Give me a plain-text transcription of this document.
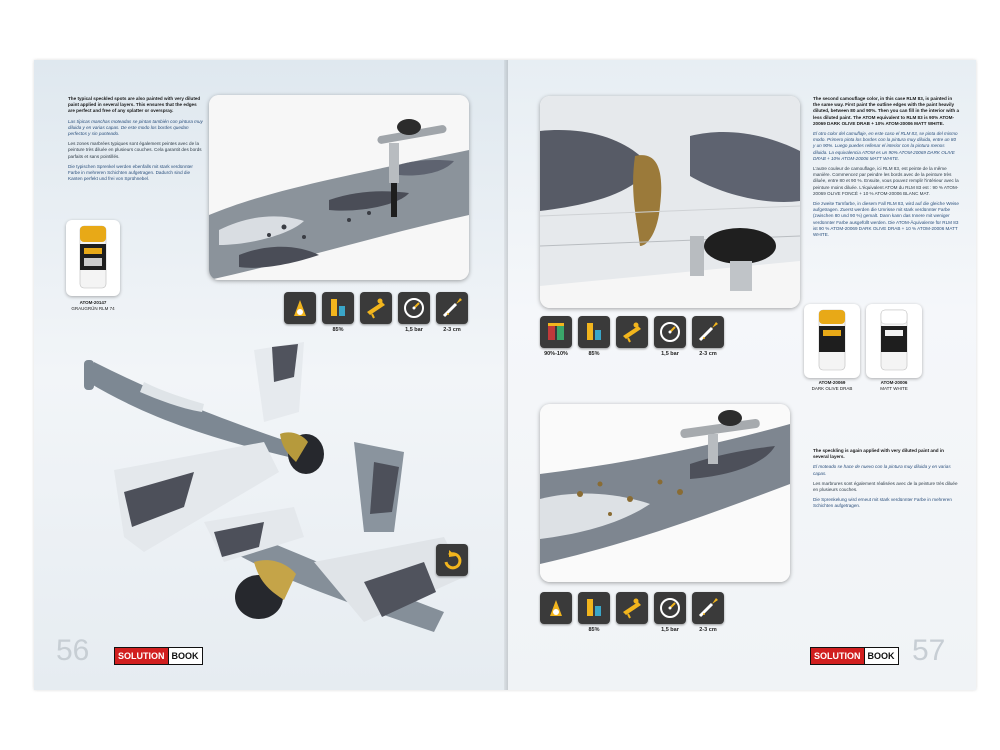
The typical speckled spots are also painted with very diluted paint applied in several layers. This ensures that the edges are perfect and free of any splatter or overspray.

Las típicas manchas moteadas se pintan también con pintura muy diluida y en varias capas. De este modo los bordes quedan perfectos y sin punteado.

Les zones marbrées typiques sont également peintes avec de la peinture très diluée en plusieurs couches. Cela garantit des bords parfaits et sans pointillés.

Die typischen Sprenkel werden ebenfalls mit stark verdünnter Farbe in mehreren Schichten aufgetragen. Dadurch sind die Kanten perfekt und frei von Sprühnebel.

ATOM-20147
GRAUGRÜN RLM 74
85%	1,5 bar	2-3 cm
56	SOLUTION BOOK

The second camouflage color, in this case RLM 83, is painted in the same way. First paint the outline edges with the paint heavily diluted, between 80 and 90%. Then you can fill in the interior with a less diluted paint. The ATOM equivalent to RLM 83 is 90% ATOM-20069 DARK OLIVE DRAB + 10% ATOM-20006 MATT WHITE.

El otro color del camuflaje, en este caso el RLM 83, se pinta del mismo modo. Primero pinta los bordes con la pintura muy diluida, entre un 80 y un 90%. Luego puedes rellenar el interior con la pintura menos diluida. La equivalencia ATOM es un 90% ATOM-20069 DARK OLIVE DRAB + 10% ATOM-20006 MATT WHITE.

L'autre couleur de camouflage, ici RLM 83, est peinte de la même manière. Commencez par peindre les bords avec de la peinture très diluée, entre 80 et 90 %. Ensuite, vous pouvez remplir l'intérieur avec la peinture moins diluée. L'équivalent ATOM du RLM 83 est : 90 % ATOM-20069 OLIVE FONCÉ + 10 % ATOM-20006 BLANC MAT.

Die zweite Tarnfarbe, in diesem Fall RLM 83, wird auf die gleiche Weise aufgetragen. Zuerst werden die Umrisse mit stark verdünnter Farbe (zwischen 80 und 90 %) gemalt. Dann kann das Innere mit weniger verdünnter Farbe ausgefüllt werden. Die ATOM-Äquivalente für RLM 83 ist 90 % ATOM-20069 DARK OLIVE DRAB + 10 % ATOM-20006 MATT WHITE.

ATOM-20069
DARK OLIVE DRAB
ATOM-20006
MATT WHITE
90%-10%	85%	1,5 bar	2-3 cm

The speckling is again applied with very diluted paint and in several layers.

El moteado se hace de nuevo con la pintura muy diluida y en varias capas.

Les marbrures sont également réalisées avec de la peinture très diluée en plusieurs couches.

Die Sprenkelung wird erneut mit stark verdünnter Farbe in mehreren Schichten aufgetragen.

85%	1,5 bar	2-3 cm
SOLUTION BOOK 57
